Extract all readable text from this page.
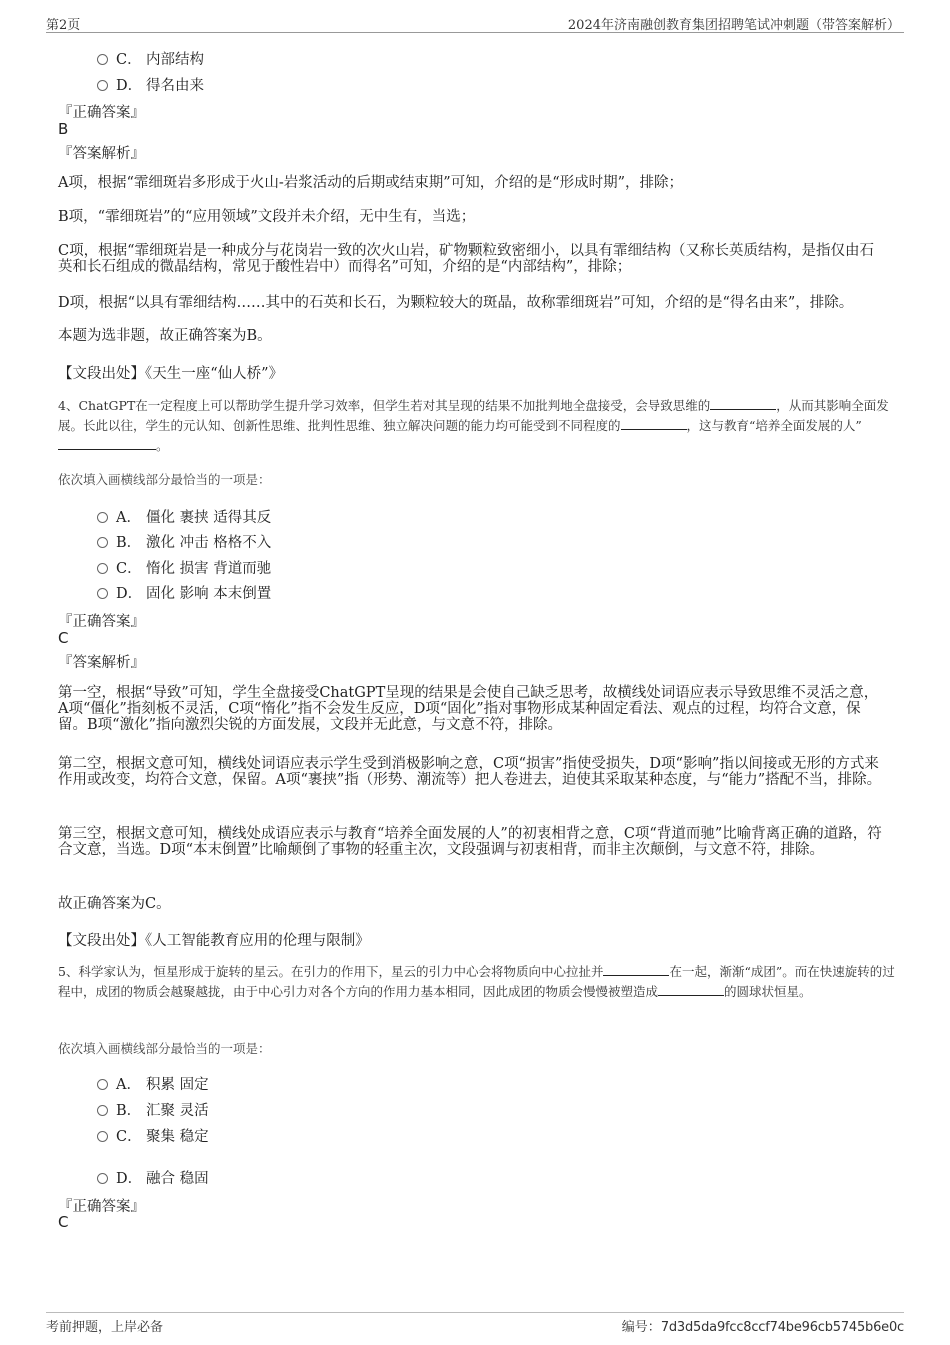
第2页	2024年济南融创教育集团招聘笔试冲刺题（带答案解析）
C． 内部结构
D． 得名由来
『正确答案』
B
『答案解析』
A项，根据“霏细斑岩多形成于火山-岩浆活动的后期或结束期”可知，介绍的是“形成时期”，排除；
B项，“霏细斑岩”的“应用领域”文段并未介绍，无中生有，当选；
C项，根据“霏细斑岩是一种成分与花岗岩一致的次火山岩，矿物颗粒致密细小，以具有霏细结构（又称长英质结构，是指仅由石英和长石组成的微晶结构，常见于酸性岩中）而得名”可知，介绍的是“内部结构”，排除；
D项，根据“以具有霏细结构……其中的石英和长石，为颗粒较大的斑晶，故称霏细斑岩”可知，介绍的是“得名由来”，排除。
本题为选非题，故正确答案为B。
【文段出处】《天生一座“仙人桥”》
4、ChatGPT在一定程度上可以帮助学生提升学习效率，但学生若对其呈现的结果不加批判地全盘接受，会导致思维的	，从而其影响全面发展。长此以往，学生的元认知、创新性思维、批判性思维、独立解决问题的能力均可能受到不同程度的	，这与教育“培养全面发展的人”。
依次填入画横线部分最恰当的一项是：
A． 僵化 裹挟 适得其反
B． 激化 冲击 格格不入
C． 惰化 损害 背道而驰
D． 固化 影响 本末倒置
『正确答案』
C
『答案解析』
第一空，根据“导致”可知，学生全盘接受ChatGPT呈现的结果是会使自己缺乏思考，故横线处词语应表示导致思维不灵活之意，A项“僵化”指刻板不灵活，C项“惰化”指不会发生反应，D项“固化”指对事物形成某种固定看法、观点的过程，均符合文意，保留。B项“激化”指向激烈尖锐的方面发展，文段并无此意，与文意不符，排除。
第二空，根据文意可知，横线处词语应表示学生受到消极影响之意，C项“损害”指使受损失，D项“影响”指以间接或无形的方式来作用或改变，均符合文意，保留。A项“裹挟”指（形势、潮流等）把人卷进去，迫使其采取某种态度，与“能力”搭配不当，排除。
第三空，根据文意可知，横线处成语应表示与教育“培养全面发展的人”的初衷相背之意，C项“背道而驰”比喻背离正确的道路，符合文意，当选。D项“本末倒置”比喻颠倒了事物的轻重主次，文段强调与初衷相背，而非主次颠倒，与文意不符，排除。
故正确答案为C。
【文段出处】《人工智能教育应用的伦理与限制》
5、科学家认为，恒星形成于旋转的星云。在引力的作用下，星云的引力中心会将物质向中心拉扯并	在一起，渐渐“成团”。而在快速旋转的过程中，成团的物质会越聚越拢，由于中心引力对各个方向的作用力基本相同，因此成团的物质会慢慢被塑造成	的圆球状恒星。
依次填入画横线部分最恰当的一项是：
A． 积累 固定
B． 汇聚 灵活
C． 聚集 稳定
D． 融合 稳固
『正确答案』
C
考前押题，上岸必备	编号：7d3d5da9fcc8ccf74be96cb5745b6e0c
